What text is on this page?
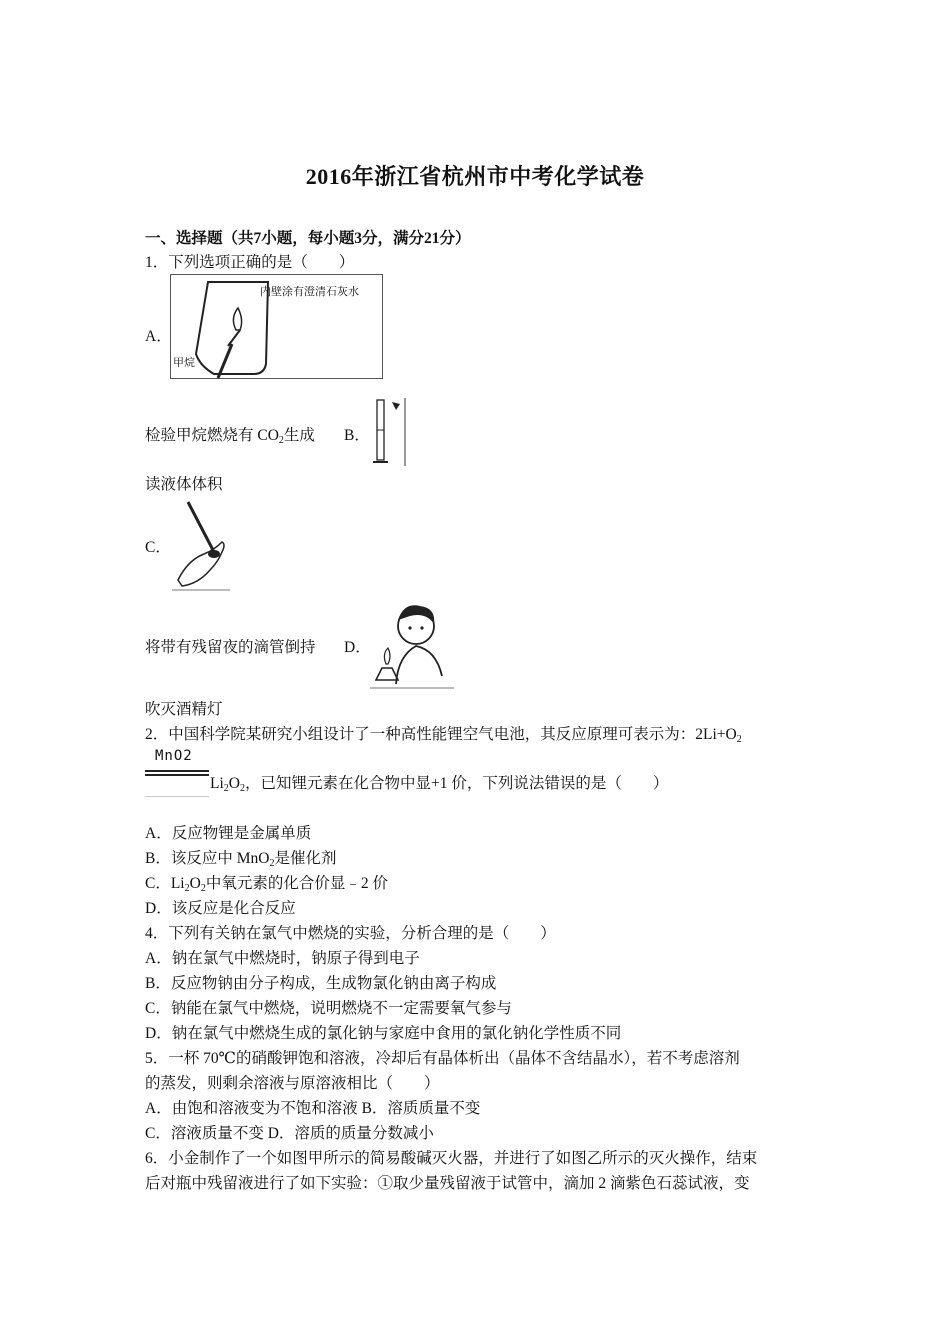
2016年浙江省杭州市中考化学试卷
一、选择题（共7小题，每小题3分，满分21分）
1．下列选项正确的是（　　）
A．
内壁涂有澄清石灰水
甲烷
检验甲烷燃烧有 $CO_2$生成 B．
读液体体积
C．
将带有残留夜的滴管倒持 D．
吹灭酒精灯
2．中国科学院某研究小组设计了一种高性能锂空气电池，其反应原理可表示为：$2Li+O_2$
MnO2
$Li_2O_2$，已知锂元素在化合物中显+1 价，下列说法错误的是（　　）
A．反应物锂是金属单质
B．该反应中 MnO$_2$是催化剂
C．$Li_2O_2$中氧元素的化合价显﹣2 价
D．该反应是化合反应
4．下列有关钠在氯气中燃烧的实验，分析合理的是（　　）
A．钠在氯气中燃烧时，钠原子得到电子
B．反应物钠由分子构成，生成物氯化钠由离子构成
C．钠能在氯气中燃烧，说明燃烧不一定需要氧气参与
D．钠在氯气中燃烧生成的氯化钠与家庭中食用的氯化钠化学性质不同
5．一杯 70℃的硝酸钾饱和溶液，冷却后有晶体析出（晶体不含结晶水），若不考虑溶剂
的蒸发，则剩余溶液与原溶液相比（　　）
A．由饱和溶液变为不饱和溶液 B．溶质质量不变
C．溶液质量不变 D．溶质的质量分数减小
6．小金制作了一个如图甲所示的简易酸碱灭火器，并进行了如图乙所示的灭火操作，结束
后对瓶中残留液进行了如下实验：①取少量残留液于试管中，滴加 2 滴紫色石蕊试液，变
